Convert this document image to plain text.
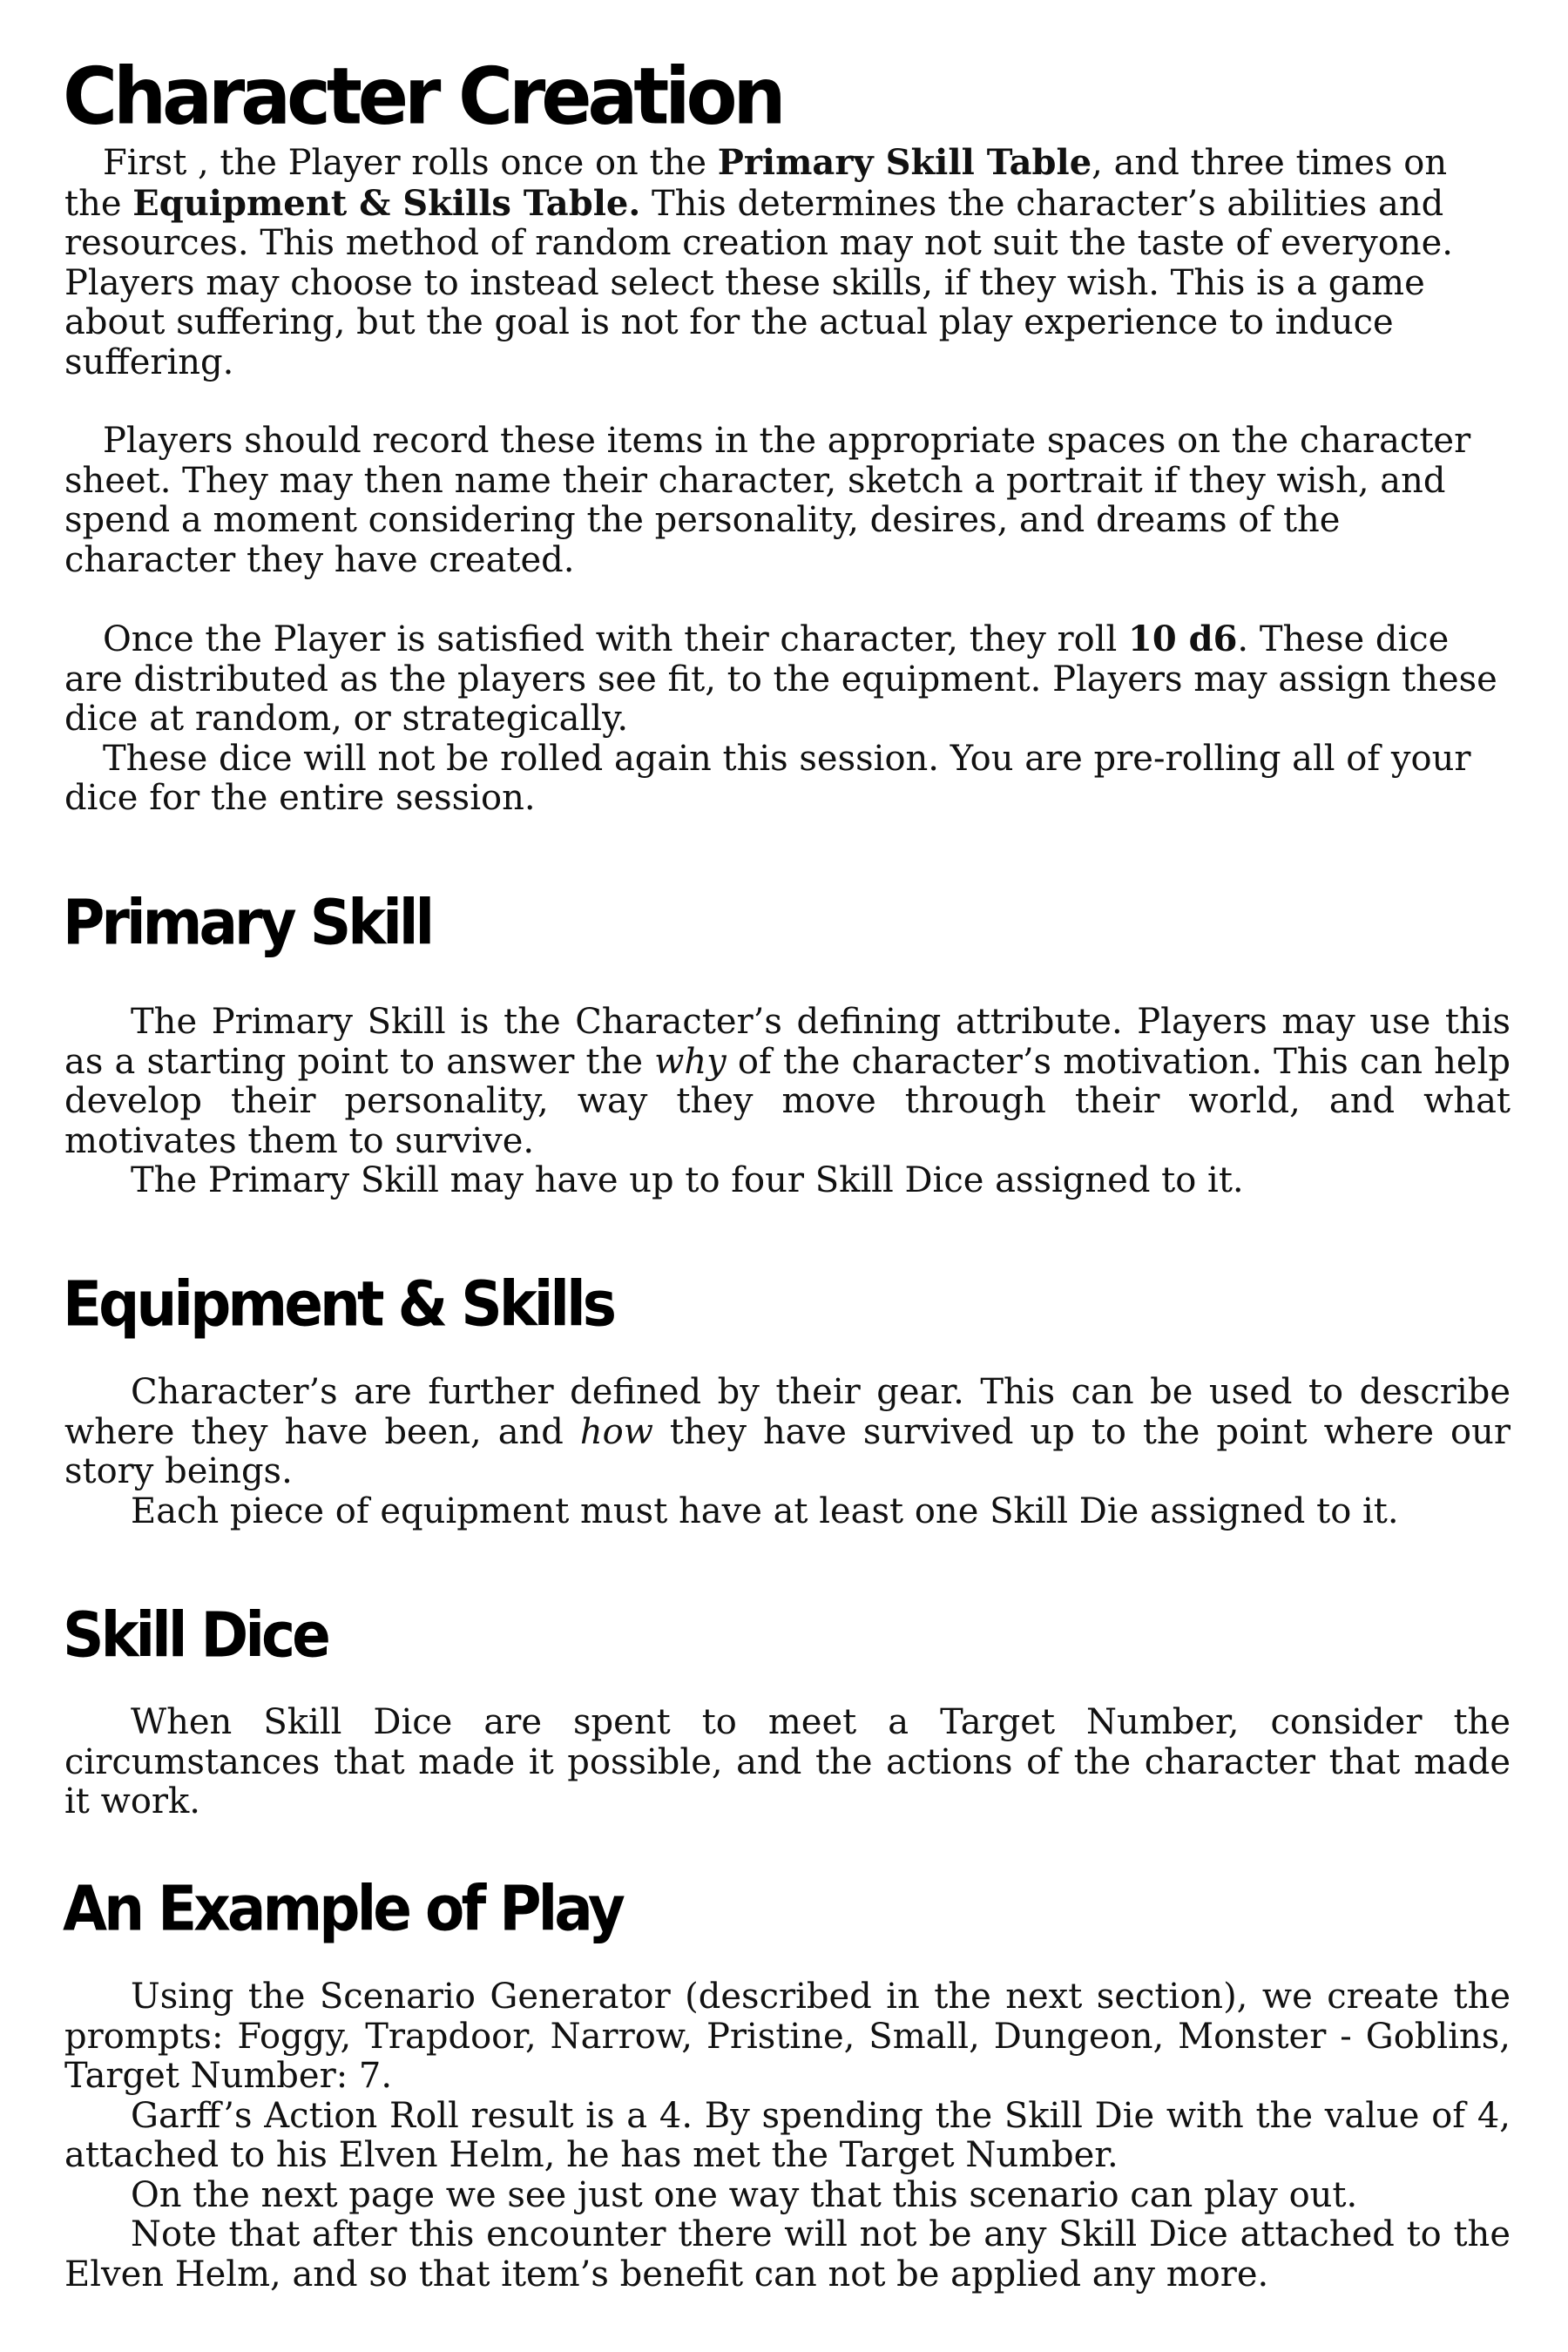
Character Creation

First , the Player rolls once on the Primary Skill Table, and three times on the Equipment & Skills Table. This determines the character’s abilities and resources. This method of random creation may not suit the taste of everyone. Players may choose to instead select these skills, if they wish. This is a game about suffering, but the goal is not for the actual play experience to induce suffering.

Players should record these items in the appropriate spaces on the character sheet. They may then name their character, sketch a portrait if they wish, and spend a moment considering the personality, desires, and dreams of the character they have created.

Once the Player is satisfied with their character, they roll 10 d6. These dice are distributed as the players see fit, to the equipment. Players may assign these dice at random, or strategically.

These dice will not be rolled again this session. You are pre-rolling all of your dice for the entire session.

Primary Skill

The Primary Skill is the Character’s defining attribute. Players may use this as a starting point to answer the why of the character’s motivation. This can help develop their personality, way they move through their world, and what motivates them to survive.

The Primary Skill may have up to four Skill Dice assigned to it.

Equipment & Skills

Character’s are further defined by their gear. This can be used to describe where they have been, and how they have survived up to the point where our story beings.

Each piece of equipment must have at least one Skill Die assigned to it.

Skill Dice

When Skill Dice are spent to meet a Target Number, consider the circumstances that made it possible, and the actions of the character that made it work.

An Example of Play

Using the Scenario Generator (described in the next section), we create the prompts: Foggy, Trapdoor, Narrow, Pristine, Small, Dungeon, Monster - Goblins, Target Number: 7.

Garff’s Action Roll result is a 4. By spending the Skill Die with the value of 4, attached to his Elven Helm, he has met the Target Number.

On the next page we see just one way that this scenario can play out.

Note that after this encounter there will not be any Skill Dice attached to the Elven Helm, and so that item’s benefit can not be applied any more.
